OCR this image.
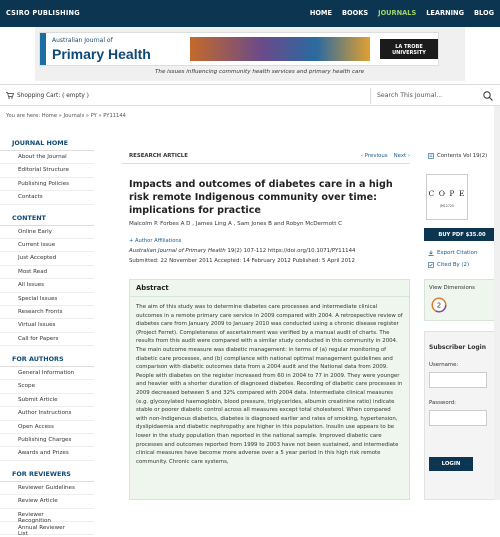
CSIRO PUBLISHING	HOME BOOKS JOURNALS LEARNING BLOG
Australian Journal of
Primary Health	LA TROBE UNIVERSITY
The issues influencing community health services and primary health care
Shopping Cart: ( empty )	Search This Journal...
You are here: Home » Journals » PY » PY11144
JOURNAL HOME
About the Journal
Editorial Structure
Publishing Policies
Contacts
CONTENT
Online Early
Current issue
Just Accepted
Most Read
All Issues
Special Issues
Research Fronts
Virtual Issues
Call for Papers
FOR AUTHORS
General Information
Scope
Submit Article
Author Instructions
Open Access
Publishing Charges
Awards and Prizes
FOR REVIEWERS
Reviewer Guidelines
Review Article
Reviewer Recognition
Annual Reviewer List
RESEARCH ARTICLE	‹ Previous Next ›
Impacts and outcomes of diabetes care in a high risk remote Indigenous community over time: implications for practice
Malcolm P. Forbes A D , James Ling A , Sam Jones B and Robyn McDermott C
+ Author Affiliations
Australian Journal of Primary Health 19(2) 107-112 https://doi.org/10.1071/PY11144
Submitted: 22 November 2011 Accepted: 14 February 2012 Published: 5 April 2012
Abstract
The aim of this study was to determine diabetes care processes and intermediate clinical outcomes in a remote primary care service in 2009 compared with 2004. A retrospective review of diabetes care from January 2009 to January 2010 was conducted using a chronic disease register (Project Ferret). Completeness of ascertainment was verified by a manual audit of charts. The results from this audit were compared with a similar study conducted in this community in 2004. The main outcome measure was diabetic management: in terms of (a) regular monitoring of diabetic care processes, and (b) compliance with national optimal management guidelines and comparison with diabetic outcomes data from a 2004 audit and the National data from 2009. People with diabetes on the register increased from 60 in 2004 to 77 in 2009. They were younger and heavier with a shorter duration of diagnosed diabetes. Recording of diabetic care processes in 2009 decreased between 5 and 32% compared with 2004 data. Intermediate clinical measures (e.g. glycosylated haemoglobin, blood pressure, triglycerides, albumin creatinine ratio) indicate stable or poorer diabetic control across all measures except total cholesterol. When compared with non-Indigenous diabetics, diabetes is diagnosed earlier and rates of smoking, hypertension, dyslipidaemia and diabetic nephropathy are higher in this population. Insulin use appears to be lower in the study population than reported in the national sample. Improved diabetic care processes and outcomes reported from 1999 to 2003 have not been sustained, and intermediate clinical measures have become more adverse over a 5 year period in this high risk remote community. Chronic care systems,
Contents Vol 19(2)
C O P E
JM12725
BUY PDF $35.00
Export Citation
Cited By (2)
View Dimensions
2
Subscriber Login
Username:
Password:
LOGIN
